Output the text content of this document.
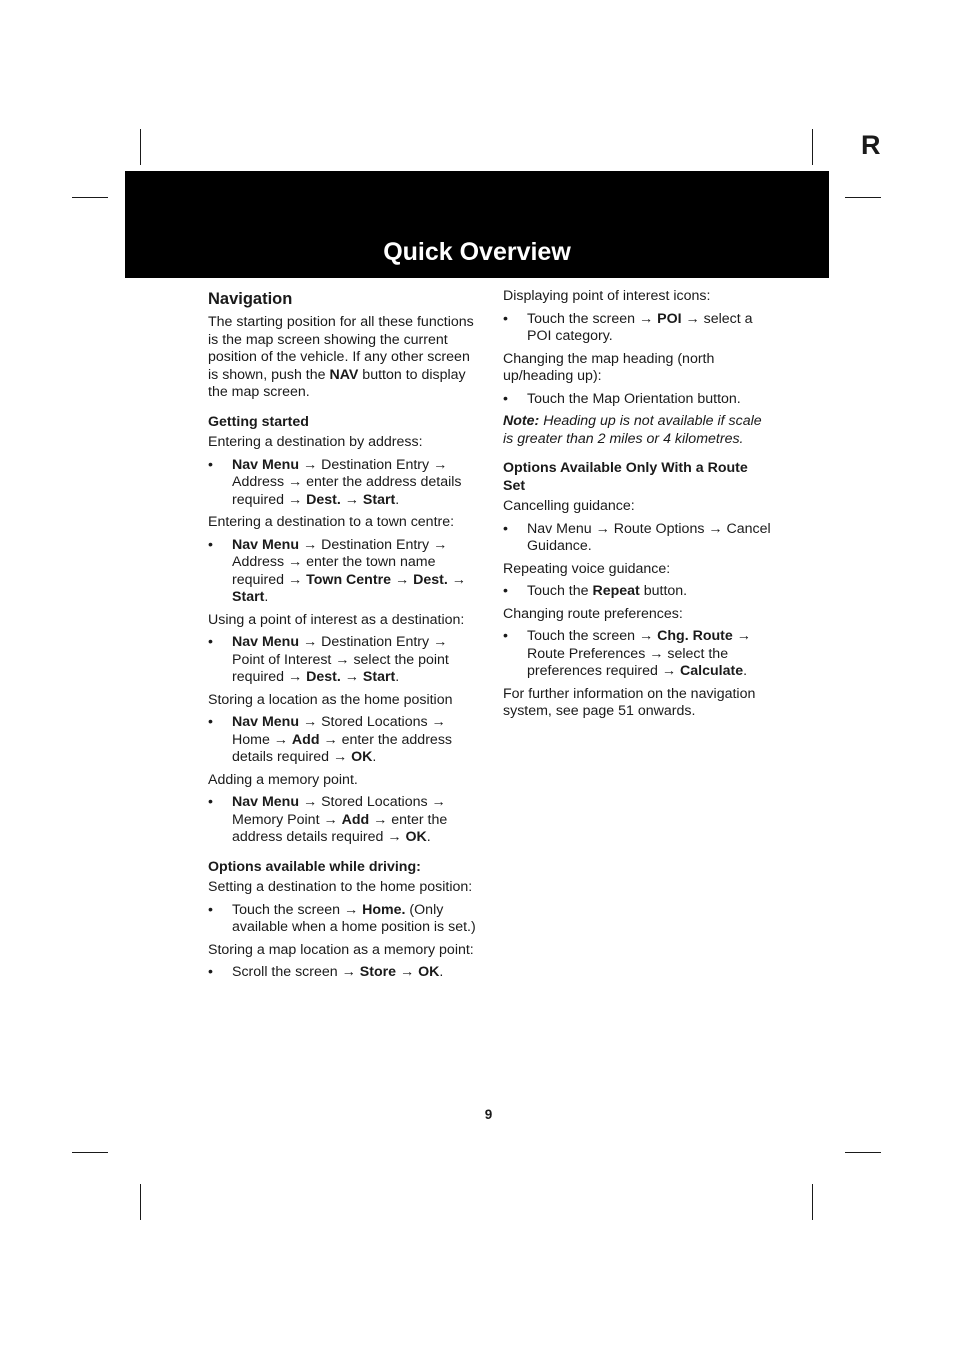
R
Quick Overview
Navigation

The starting position for all these functions is the map screen showing the current position of the vehicle. If any other screen is shown, push the NAV button to display the map screen.

Getting started

Entering a destination by address:

• Nav Menu → Destination Entry → Address → enter the address details required → Dest. → Start.

Entering a destination to a town centre:

• Nav Menu → Destination Entry → Address → enter the town name required → Town Centre → Dest. → Start.

Using a point of interest as a destination:

• Nav Menu → Destination Entry → Point of Interest → select the point required → Dest. → Start.

Storing a location as the home position

• Nav Menu → Stored Locations → Home → Add → enter the address details required → OK.

Adding a memory point.

• Nav Menu → Stored Locations → Memory Point → Add → enter the address details required → OK.
Options available while driving:

Setting a destination to the home position:

• Touch the screen → Home. (Only available when a home position is set.)

Storing a map location as a memory point:

• Scroll the screen → Store → OK.

Displaying point of interest icons:

• Touch the screen → POI → select a POI category.

Changing the map heading (north up/heading up):

• Touch the Map Orientation button.

Note: Heading up is not available if scale is greater than 2 miles or 4 kilometres.

Options Available Only With a Route Set

Cancelling guidance:

• Nav Menu → Route Options → Cancel Guidance.

Repeating voice guidance:

• Touch the Repeat button.

Changing route preferences:

• Touch the screen → Chg. Route → Route Preferences → select the preferences required → Calculate.

For further information on the navigation system, see page 51 onwards.

9
